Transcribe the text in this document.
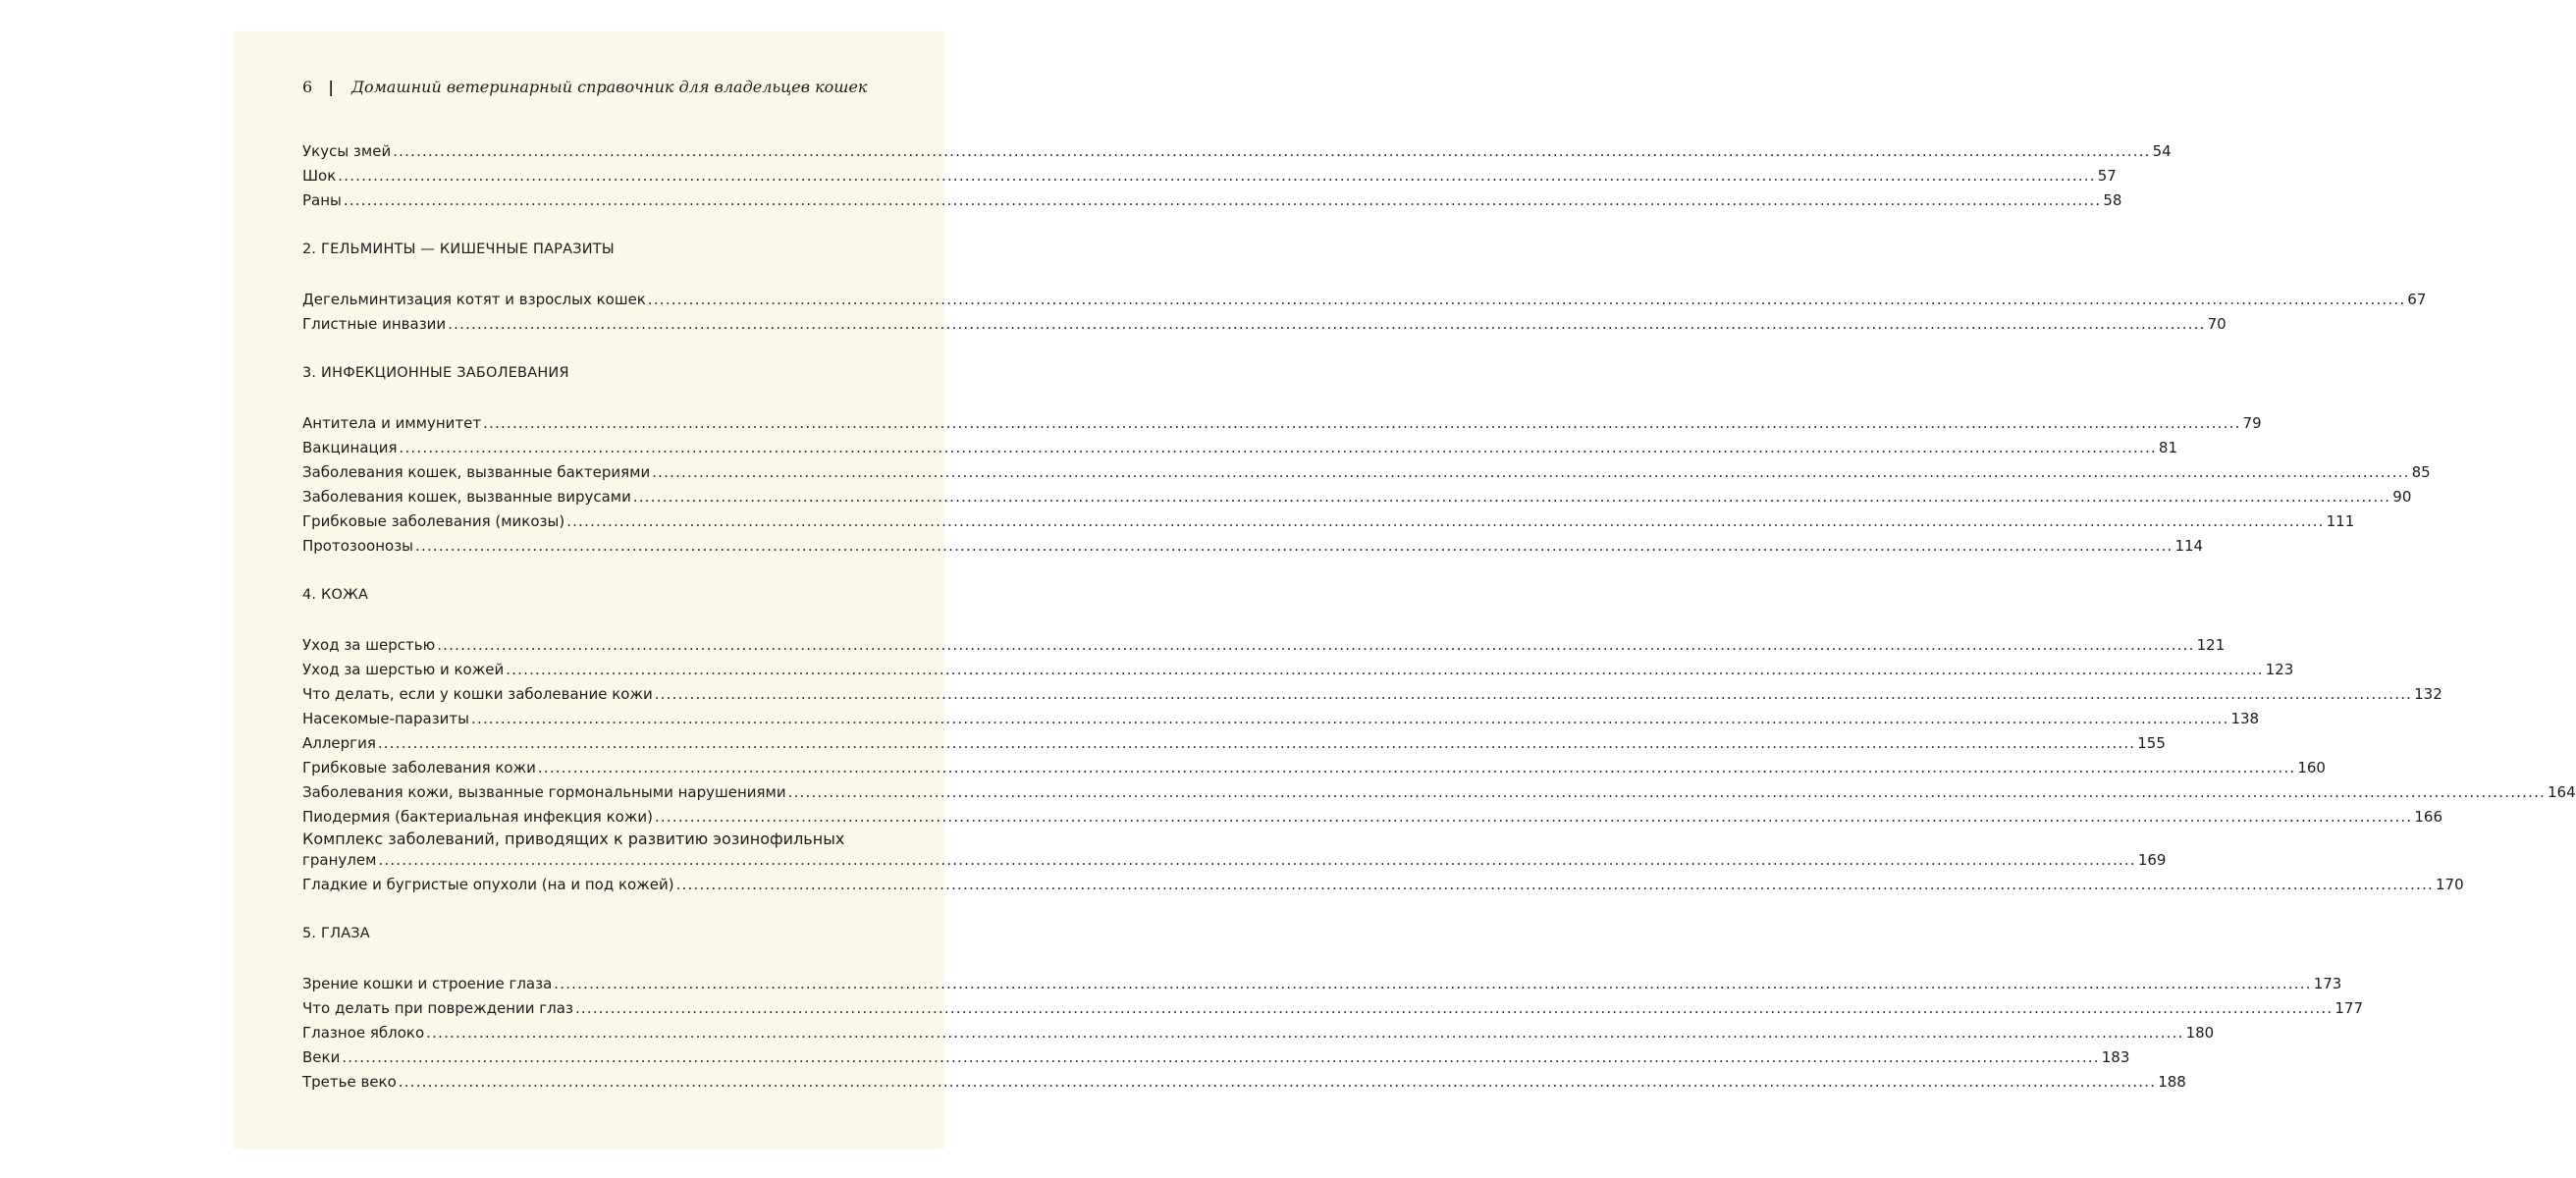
6 | Домашний ветеринарный справочник для владельцев кошек
Укусы змей ............................................................................................................................................................................................................................................................................................................ 54
Шок ............................................................................................................................................................................................................................................................................................................ 57
Раны ............................................................................................................................................................................................................................................................................................................ 58
2. ГЕЛЬМИНТЫ — КИШЕЧНЫЕ ПАРАЗИТЫ
Дегельминтизация котят и взрослых кошек ............................................................................................................................................................................................................................................................................................................ 67
Глистные инвазии ............................................................................................................................................................................................................................................................................................................ 70
3. ИНФЕКЦИОННЫЕ ЗАБОЛЕВАНИЯ
Антитела и иммунитет ............................................................................................................................................................................................................................................................................................................ 79
Вакцинация ............................................................................................................................................................................................................................................................................................................ 81
Заболевания кошек, вызванные бактериями ............................................................................................................................................................................................................................................................................................................ 85
Заболевания кошек, вызванные вирусами ............................................................................................................................................................................................................................................................................................................ 90
Грибковые заболевания (микозы) ............................................................................................................................................................................................................................................................................................................ 111
Протозоонозы ............................................................................................................................................................................................................................................................................................................ 114
4. КОЖА
Уход за шерстью ............................................................................................................................................................................................................................................................................................................ 121
Уход за шерстью и кожей ............................................................................................................................................................................................................................................................................................................ 123
Что делать, если у кошки заболевание кожи ............................................................................................................................................................................................................................................................................................................ 132
Насекомые-паразиты ............................................................................................................................................................................................................................................................................................................ 138
Аллергия ............................................................................................................................................................................................................................................................................................................ 155
Грибковые заболевания кожи ............................................................................................................................................................................................................................................................................................................ 160
Заболевания кожи, вызванные гормональными нарушениями ............................................................................................................................................................................................................................................................................................................ 164
Пиодермия (бактериальная инфекция кожи) ............................................................................................................................................................................................................................................................................................................ 166
Комплекс заболеваний, приводящих к развитию эозинофильных
гранулем ............................................................................................................................................................................................................................................................................................................ 169
Гладкие и бугристые опухоли (на и под кожей) ............................................................................................................................................................................................................................................................................................................ 170
5. ГЛАЗА
Зрение кошки и строение глаза ............................................................................................................................................................................................................................................................................................................ 173
Что делать при повреждении глаз ............................................................................................................................................................................................................................................................................................................ 177
Глазное яблоко ............................................................................................................................................................................................................................................................................................................ 180
Веки ............................................................................................................................................................................................................................................................................................................ 183
Третье веко ............................................................................................................................................................................................................................................................................................................ 188
